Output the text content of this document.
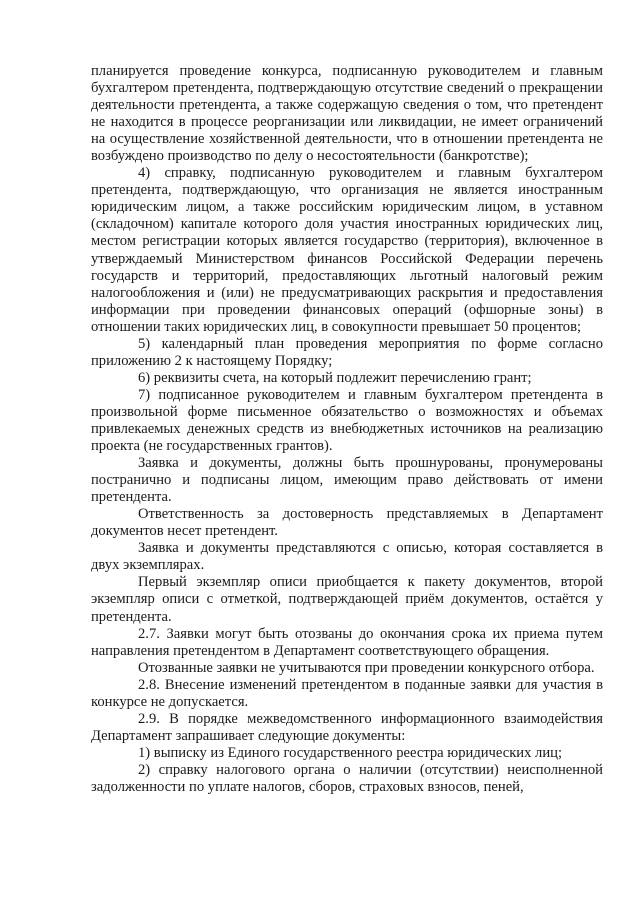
планируется проведение конкурса, подписанную руководителем и главным бухгалтером претендента, подтверждающую отсутствие сведений о прекращении деятельности претендента, а также содержащую сведения о том, что претендент не находится в процессе реорганизации или ликвидации, не имеет ограничений на осуществление хозяйственной деятельности, что в отношении претендента не возбуждено производство по делу о несостоятельности (банкротстве);

4) справку, подписанную руководителем и главным бухгалтером претендента, подтверждающую, что организация не является иностранным юридическим лицом, а также российским юридическим лицом, в уставном (складочном) капитале которого доля участия иностранных юридических лиц, местом регистрации которых является государство (территория), включенное в утверждаемый Министерством финансов Российской Федерации перечень государств и территорий, предоставляющих льготный налоговый режим налогообложения и (или) не предусматривающих раскрытия и предоставления информации при проведении финансовых операций (офшорные зоны) в отношении таких юридических лиц, в совокупности превышает 50 процентов;

5) календарный план проведения мероприятия по форме согласно приложению 2 к настоящему Порядку;

6) реквизиты счета, на который подлежит перечислению грант;

7) подписанное руководителем и главным бухгалтером претендента в произвольной форме письменное обязательство о возможностях и объемах привлекаемых денежных средств из внебюджетных источников на реализацию проекта (не государственных грантов).

Заявка и документы, должны быть прошнурованы, пронумерованы постранично и подписаны лицом, имеющим право действовать от имени претендента.

Ответственность за достоверность представляемых в Департамент документов несет претендент.

Заявка и документы представляются с описью, которая составляется в двух экземплярах.

Первый экземпляр описи приобщается к пакету документов, второй экземпляр описи с отметкой, подтверждающей приём документов, остаётся у претендента.

2.7. Заявки могут быть отозваны до окончания срока их приема путем направления претендентом в Департамент соответствующего обращения.

Отозванные заявки не учитываются при проведении конкурсного отбора.

2.8. Внесение изменений претендентом в поданные заявки для участия в конкурсе не допускается.

2.9. В порядке межведомственного информационного взаимодействия Департамент запрашивает следующие документы:

1) выписку из Единого государственного реестра юридических лиц;

2) справку налогового органа о наличии (отсутствии) неисполненной задолженности по уплате налогов, сборов, страховых взносов, пеней,
